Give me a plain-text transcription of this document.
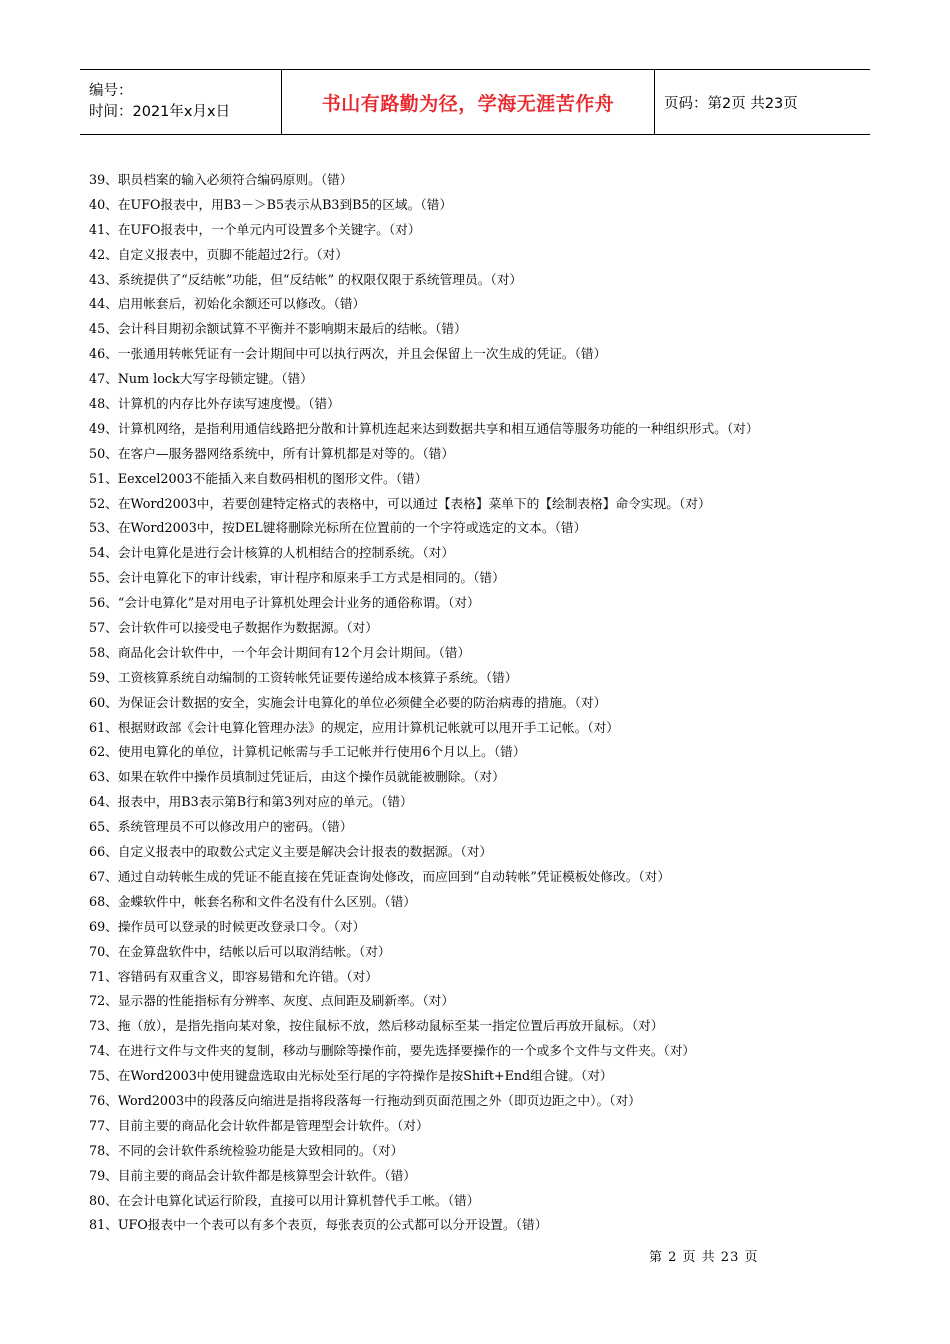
编号：
时间：2021年x月x日	书山有路勤为径，学海无涯苦作舟	页码：第2页 共23页
39、职员档案的输入必须符合编码原则。（错）
40、在UFO报表中，用B3－＞B5表示从B3到B5的区域。（错）
41、在UFO报表中，一个单元内可设置多个关键字。（对）
42、自定义报表中，页脚不能超过2行。（对）
43、系统提供了“反结帐”功能，但“反结帐” 的权限仅限于系统管理员。（对）
44、启用帐套后，初始化余额还可以修改。（错）
45、会计科目期初余额试算不平衡并不影响期末最后的结帐。（错）
46、一张通用转帐凭证有一会计期间中可以执行两次，并且会保留上一次生成的凭证。（错）
47、Num lock大写字母锁定键。（错）
48、计算机的内存比外存读写速度慢。（错）
49、计算机网络，是指利用通信线路把分散和计算机连起来达到数据共享和相互通信等服务功能的一种组织形式。（对）
50、在客户—服务器网络系统中，所有计算机都是对等的。（错）
51、Eexcel2003不能插入来自数码相机的图形文件。（错）
52、在Word2003中，若要创建特定格式的表格中，可以通过【表格】菜单下的【绘制表格】命令实现。（对）
53、在Word2003中，按DEL键将删除光标所在位置前的一个字符或选定的文本。（错）
54、会计电算化是进行会计核算的人机相结合的控制系统。（对）
55、会计电算化下的审计线索，审计程序和原来手工方式是相同的。（错）
56、“会计电算化”是对用电子计算机处理会计业务的通俗称谓。（对）
57、会计软件可以接受电子数据作为数据源。（对）
58、商品化会计软件中，一个年会计期间有12个月会计期间。（错）
59、工资核算系统自动编制的工资转帐凭证要传递给成本核算子系统。（错）
60、为保证会计数据的安全，实施会计电算化的单位必须健全必要的防治病毒的措施。（对）
61、根据财政部《会计电算化管理办法》的规定，应用计算机记帐就可以甩开手工记帐。（对）
62、使用电算化的单位，计算机记帐需与手工记帐并行使用6个月以上。（错）
63、如果在软件中操作员填制过凭证后，由这个操作员就能被删除。（对）
64、报表中，用B3表示第B行和第3列对应的单元。（错）
65、系统管理员不可以修改用户的密码。（错）
66、自定义报表中的取数公式定义主要是解决会计报表的数据源。（对）
67、通过自动转帐生成的凭证不能直接在凭证查询处修改，而应回到“自动转帐”凭证模板处修改。（对）
68、金蝶软件中，帐套名称和文件名没有什么区别。（错）
69、操作员可以登录的时候更改登录口令。（对）
70、在金算盘软件中，结帐以后可以取消结帐。（对）
71、容错码有双重含义，即容易错和允许错。（对）
72、显示器的性能指标有分辨率、灰度、点间距及刷新率。（对）
73、拖（放），是指先指向某对象，按住鼠标不放，然后移动鼠标至某一指定位置后再放开鼠标。（对）
74、在进行文件与文件夹的复制，移动与删除等操作前，要先选择要操作的一个或多个文件与文件夹。（对）
75、在Word2003中使用键盘选取由光标处至行尾的字符操作是按Shift+End组合键。（对）
76、Word2003中的段落反向缩进是指将段落每一行拖动到页面范围之外（即页边距之中）。（对）
77、目前主要的商品化会计软件都是管理型会计软件。（对）
78、不同的会计软件系统检验功能是大致相同的。（对）
79、目前主要的商品会计软件都是核算型会计软件。（错）
80、在会计电算化试运行阶段，直接可以用计算机替代手工帐。（错）
81、UFO报表中一个表可以有多个表页，每张表页的公式都可以分开设置。（错）
第 2 页 共 23 页
